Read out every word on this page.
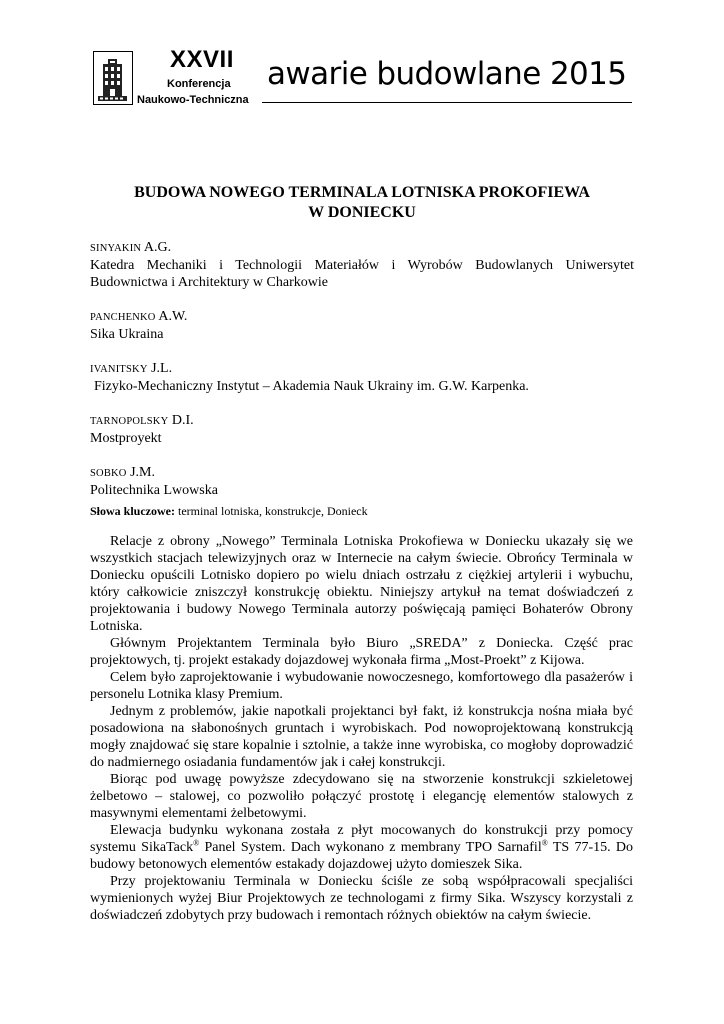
XXVII
Konferencja
Naukowo-Techniczna
awarie budowlane 2015
BUDOWA NOWEGO TERMINALA LOTNISKA PROKOFIEWA
W DONIECKU
SINYAKIN A.G.
Katedra Mechaniki i Technologii Materiałów i Wyrobów Budowlanych Uniwersytet Budownictwa i Architektury w Charkowie
PANCHENKO A.W.
Sika Ukraina
IVANITSKY J.L.
Fizyko-Mechaniczny Instytut – Akademia Nauk Ukrainy im. G.W. Karpenka.
TARNOPOLSKY D.I.
Mostproyekt
SOBKO J.M.
Politechnika Lwowska
Słowa kluczowe: terminal lotniska, konstrukcje, Donieck

Relacje z obrony „Nowego” Terminala Lotniska Prokofiewa w Doniecku ukazały się we wszystkich stacjach telewizyjnych oraz w Internecie na całym świecie. Obrońcy Terminala w Doniecku opuścili Lotnisko dopiero po wielu dniach ostrzału z ciężkiej artylerii i wybuchu, który całkowicie zniszczył konstrukcję obiektu. Niniejszy artykuł na temat doświadczeń z projektowania i budowy Nowego Terminala autorzy poświęcają pamięci Bohaterów Obrony Lotniska.

Głównym Projektantem Terminala było Biuro „SREDA” z Doniecka. Część prac projektowych, tj. projekt estakady dojazdowej wykonała firma „Most-Proekt” z Kijowa.

Celem było zaprojektowanie i wybudowanie nowoczesnego, komfortowego dla pasażerów i personelu Lotnika klasy Premium.

Jednym z problemów, jakie napotkali projektanci był fakt, iż konstrukcja nośna miała być posadowiona na słabonośnych gruntach i wyrobiskach. Pod nowoprojektowaną konstrukcją mogły znajdować się stare kopalnie i sztolnie, a także inne wyrobiska, co mogłoby doprowadzić do nadmiernego osiadania fundamentów jak i całej konstrukcji.

Biorąc pod uwagę powyższe zdecydowano się na stworzenie konstrukcji szkieletowej żelbetowo – stalowej, co pozwoliło połączyć prostotę i elegancję elementów stalowych z masywnymi elementami żelbetowymi.

Elewacja budynku wykonana została z płyt mocowanych do konstrukcji przy pomocy systemu SikaTack® Panel System. Dach wykonano z membrany TPO Sarnafil® TS 77-15. Do budowy betonowych elementów estakady dojazdowej użyto domieszek Sika.

Przy projektowaniu Terminala w Doniecku ściśle ze sobą współpracowali specjaliści wymienionych wyżej Biur Projektowych ze technologami z firmy Sika. Wszyscy korzystali z doświadczeń zdobytych przy budowach i remontach różnych obiektów na całym świecie.
